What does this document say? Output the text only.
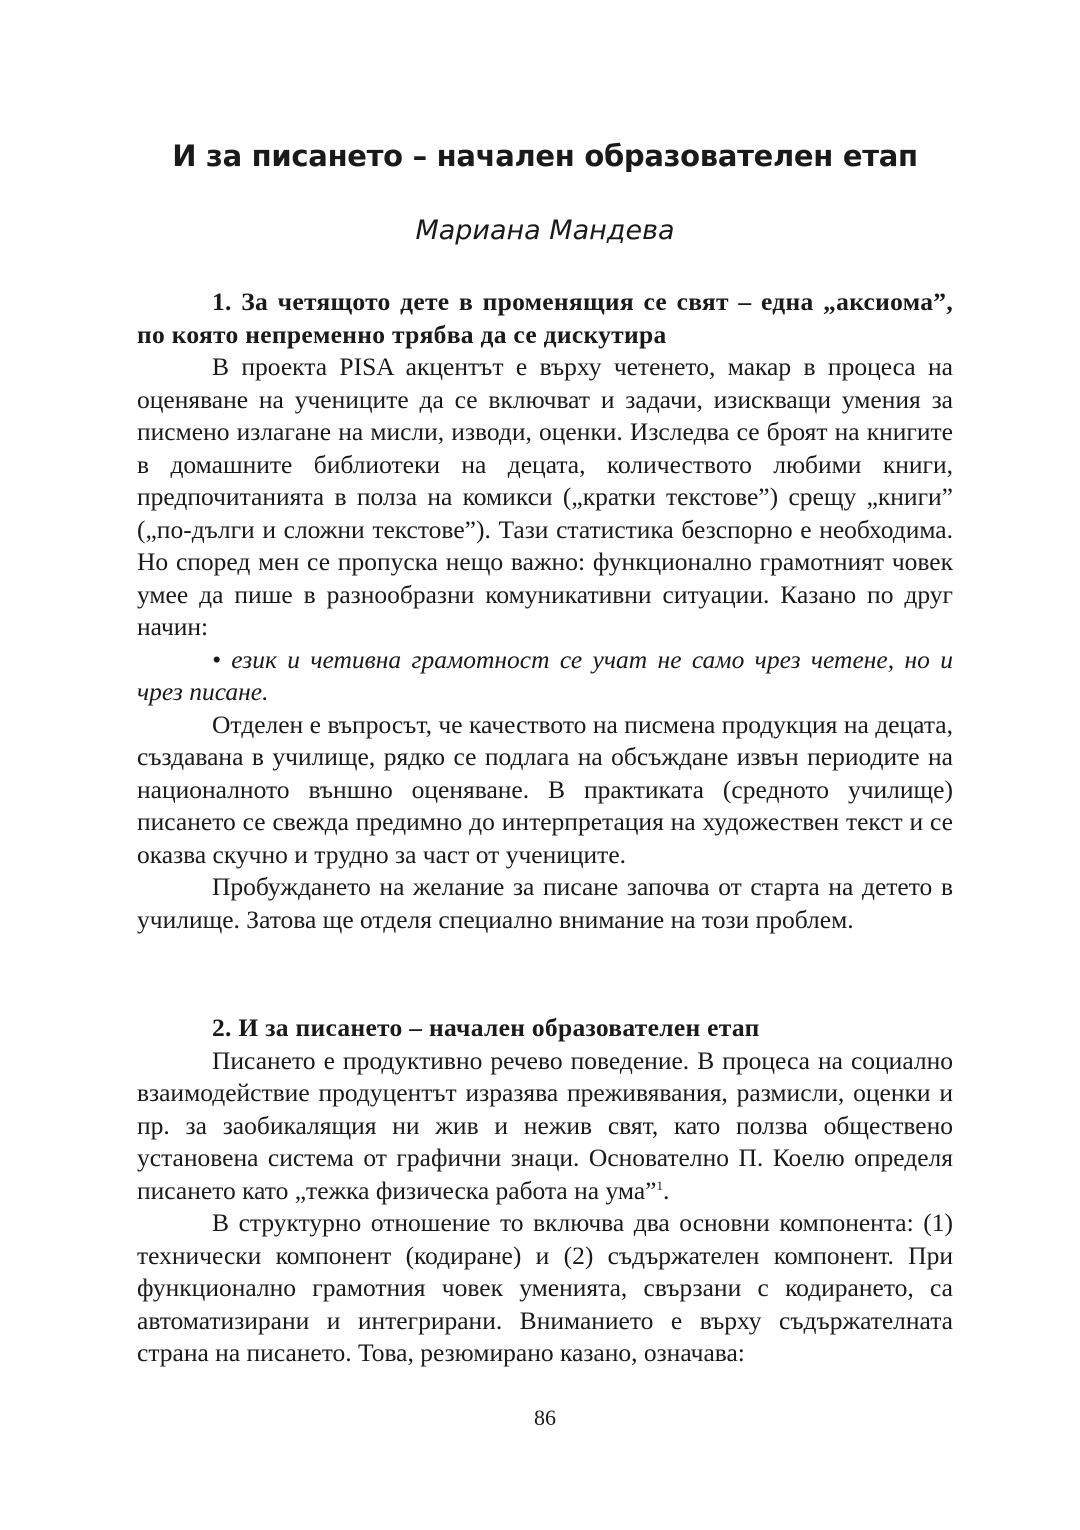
И за писането – начален образователен етап
Мариана Мандева

1. За четящото дете в променящия се свят – една „аксиома”, по която непременно трябва да се дискутира

В проекта PISA акцентът е върху четенето, макар в процеса на оценяване на учениците да се включват и задачи, изискващи умения за писмено излагане на мисли, изводи, оценки. Изследва се броят на книгите в домашните библиотеки на децата, количеството любими книги, предпочитанията в полза на комикси („кратки текстове”) срещу „книги” („по-дълги и сложни текстове”). Тази статистика безспорно е необходима. Но според мен се пропуска нещо важно: функционално грамотният човек умее да пише в разнообразни комуникативни ситуации. Казано по друг начин:

• език и четивна грамотност се учат не само чрез четене, но и чрез писане.

Отделен е въпросът, че качеството на писмена продукция на децата, създавана в училище, рядко се подлага на обсъждане извън периодите на националното външно оценяване. В практиката (средното училище) писането се свежда предимно до интерпретация на художествен текст и се оказва скучно и трудно за част от учениците.

Пробуждането на желание за писане започва от старта на детето в училище. Затова ще отделя специално внимание на този проблем.

2. И за писането – начален образователен етап

Писането е продуктивно речево поведение. В процеса на социално взаимодействие продуцентът изразява преживявания, размисли, оценки и пр. за заобикалящия ни жив и нежив свят, като ползва обществено установена система от графични знаци. Основателно П. Коелю определя писането като „тежка физическа работа на ума”$^1$.

В структурно отношение то включва два основни компонента: (1) технически компонент (кодиране) и (2) съдържателен компонент. При функционално грамотния човек уменията, свързани с кодирането, са автоматизирани и интегрирани. Вниманието е върху съдържателната страна на писането. Това, резюмирано казано, означава:

86
